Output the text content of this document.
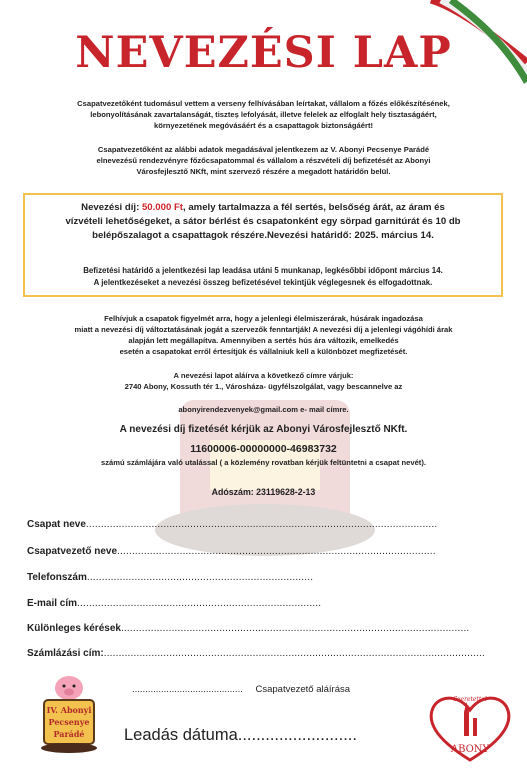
NEVEZÉSI LAP
Csapatvezetőként tudomásul vettem a verseny felhívásában leírtakat, vállalom a főzés előkészítésének,
lebonyolításának zavartalanságát, tiszteș lefolyását, illetve felelek az elfoglalt hely tisztaságáért,
környezetének megóvásáért és a csapattagok biztonságáért!
Csapatvezetőként az alábbi adatok megadásával jelentkezem az V. Abonyi Pecsenye Parádé
elnevezésű rendezvényre főzőcsapatommal és vállalom a részvételi díj befizetését az Abonyi
Városfejlesztő NKft, mint szervező részére a megadott határidőn belül.
Nevezési díj: 50.000 Ft, amely tartalmazza a fél sertés, belsőség árát, az áram és
vízvételi lehetőségeket, a sátor bérlést és csapatonként egy sörpad garnitúrát és 10 db
belépőszalagot a csapattagok részére.Nevezési határidő: 2025. március 14.
Befizetési határidő a jelentkezési lap leadása utáni 5 munkanap, legkésőbbi időpont március 14.
A jelentkezéseket a nevezési összeg befizetésével tekintjük véglegesnek és elfogadottnak.
Felhívjuk a csapatok figyelmét arra, hogy a jelenlegi élelmiszerárak, húsárak ingadozása
miatt a nevezési díj változtatásának jogát a szervezők fenntartják! A nevezési díj a jelenlegi vágóhídi árak
alapján lett megállapítva. Amennyiben a sertés hús ára változik, emelkedés
esetén a csapatokat erről értesítjük és vállalniuk kell a különbözet megfizetését.
A nevezési lapot aláírva a következő címre várjuk:
2740 Abony, Kossuth tér 1., Városháza- ügyfélszolgálat, vagy bescannelve az
abonyirendezvenyek@gmail.com e- mail címre.
A nevezési díj fizetését kérjük az Abonyi Városfejlesztő NKft.
11600006-00000000-46983732
számú számlájára való utalással ( a közlemény rovatban kérjük feltüntetni a csapat nevét).
Adószám: 23119628-2-13
Csapat neve......................................................................................................................
Csapatvezető neve...........................................................................................................
Telefonszám............................................................................
E-mail cím..................................................................................
Különleges kérések.....................................................................................................................
Számlázási cím:................................................................................................................................
.......................................... Csapatvezető aláírása
Leadás dátuma..........................
IV. Abonyi
Pecsenye
Parádé
Szeretettel
ABONY
